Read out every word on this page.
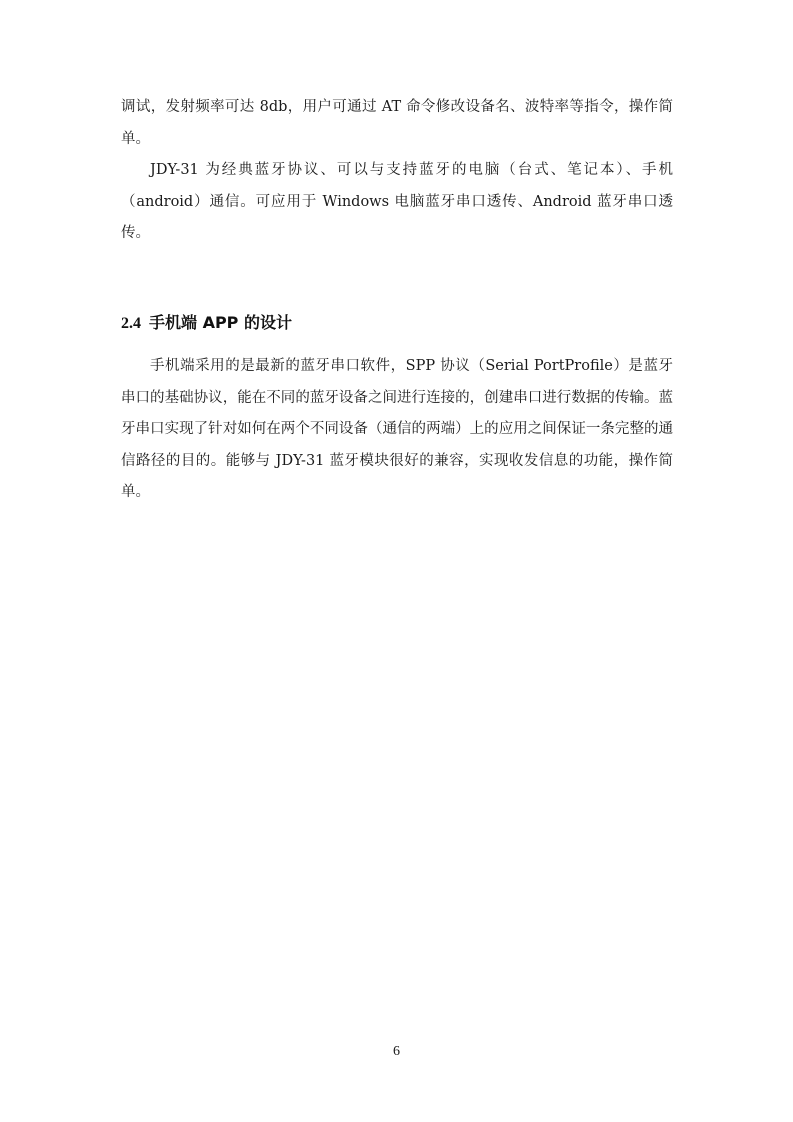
调试，发射频率可达 8db，用户可通过 AT 命令修改设备名、波特率等指令，操作简单。

JDY-31 为经典蓝牙协议、可以与支持蓝牙的电脑（台式、笔记本）、手机（android）通信。可应用于 Windows 电脑蓝牙串口透传、Android 蓝牙串口透传。

2.4 手机端 APP 的设计

手机端采用的是最新的蓝牙串口软件，SPP 协议（Serial PortProfile）是蓝牙串口的基础协议，能在不同的蓝牙设备之间进行连接的，创建串口进行数据的传输。蓝牙串口实现了针对如何在两个不同设备（通信的两端）上的应用之间保证一条完整的通信路径的目的。能够与 JDY-31 蓝牙模块很好的兼容，实现收发信息的功能，操作简单。

6
